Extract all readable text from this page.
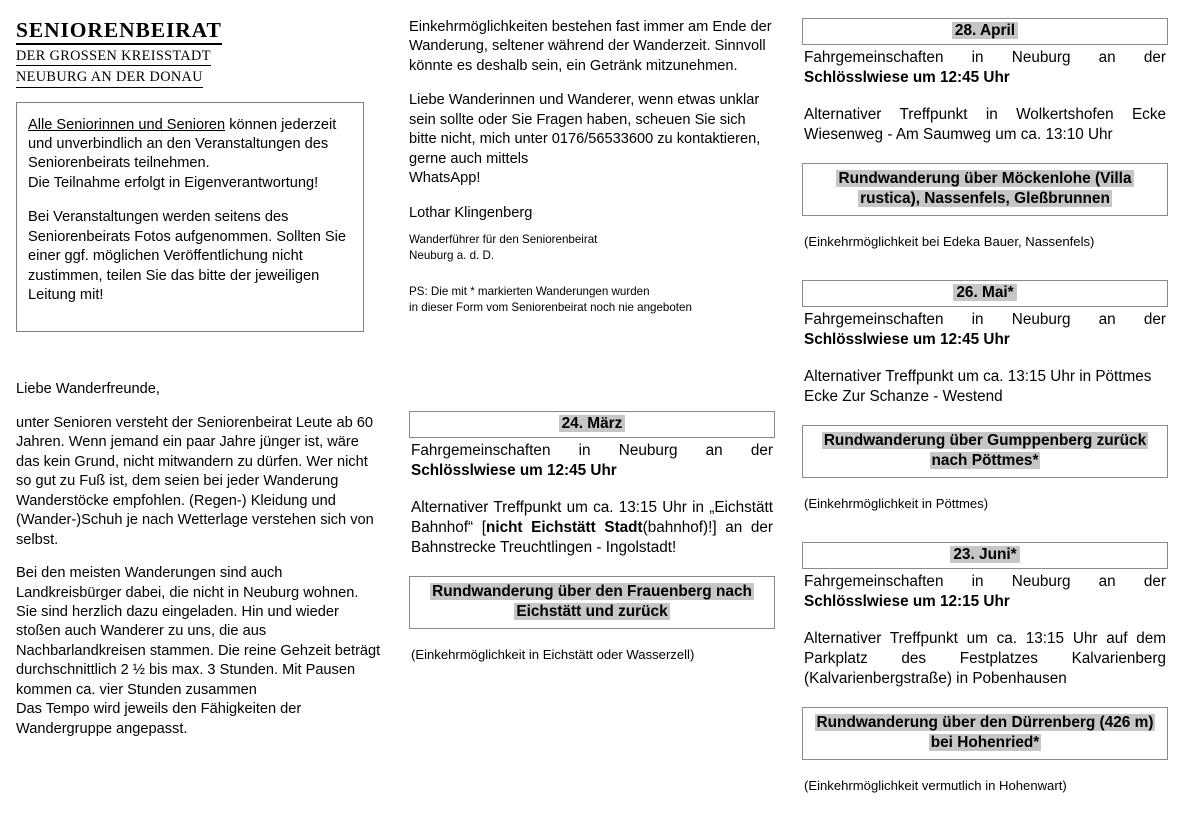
SENIORENBEIRAT
DER GROSSEN KREISSTADT
NEUBURG AN DER DONAU

Alle Seniorinnen und Senioren können jederzeit und unverbindlich an den Veranstaltungen des Seniorenbeirats teilnehmen.
Die Teilnahme erfolgt in Eigenverantwortung!

Bei Veranstaltungen werden seitens des Seniorenbeirats Fotos aufgenommen. Sollten Sie einer ggf. möglichen Veröffentlichung nicht zustimmen, teilen Sie das bitte der jeweiligen
Leitung mit!

Liebe Wanderfreunde,

unter Senioren versteht der Seniorenbeirat Leute ab 60 Jahren. Wenn jemand ein paar Jahre jünger ist, wäre das kein Grund, nicht mitwandern zu dürfen. Wer nicht so gut zu Fuß ist, dem seien bei jeder Wanderung Wanderstöcke empfohlen. (Regen-) Kleidung und (Wander-)Schuh je nach Wetterlage verstehen sich von selbst.

Bei den meisten Wanderungen sind auch Landkreisbürger dabei, die nicht in Neuburg wohnen. Sie sind herzlich dazu eingeladen. Hin und wieder stoßen auch Wanderer zu uns, die aus Nachbarlandkreisen stammen. Die reine Gehzeit beträgt durchschnittlich 2 ½ bis max. 3 Stunden. Mit Pausen kommen ca. vier Stunden zusammen
Das Tempo wird jeweils den Fähigkeiten der Wandergruppe angepasst.

Einkehrmöglichkeiten bestehen fast immer am Ende der Wanderung, seltener während der Wanderzeit. Sinnvoll könnte es deshalb sein, ein Getränk mitzunehmen.

Liebe Wanderinnen und Wanderer, wenn etwas unklar sein sollte oder Sie Fragen haben, scheuen Sie sich bitte nicht, mich unter 0176/56533600 zu kontaktieren, gerne auch mittels
WhatsApp!

Lothar Klingenberg

Wanderführer für den Seniorenbeirat
Neuburg a. d. D.

PS: Die mit * markierten Wanderungen wurden
in dieser Form vom Seniorenbeirat noch nie angeboten

24. März

Fahrgemeinschaften in Neuburg an der Schlösslwiese um 12:45 Uhr

Alternativer Treffpunkt um ca. 13:15 Uhr in „Eichstätt Bahnhof“ [nicht Eichstätt Stadt(bahnhof)!] an der Bahnstrecke Treuchtlingen - Ingolstadt!

Rundwanderung über den Frauenberg nach Eichstätt und zurück

(Einkehrmöglichkeit in Eichstätt oder Wasserzell)

28. April

Fahrgemeinschaften in Neuburg an der Schlösslwiese um 12:45 Uhr

Alternativer Treffpunkt in Wolkertshofen Ecke Wiesenweg - Am Saumweg um ca. 13:10 Uhr

Rundwanderung über Möckenlohe (Villa rustica), Nassenfels, Gleßbrunnen

(Einkehrmöglichkeit bei Edeka Bauer, Nassenfels)

26. Mai*

Fahrgemeinschaften in Neuburg an der Schlösslwiese um 12:45 Uhr

Alternativer Treffpunkt um ca. 13:15 Uhr in Pöttmes Ecke Zur Schanze - Westend

Rundwanderung über Gumppenberg zurück nach Pöttmes*

(Einkehrmöglichkeit in Pöttmes)

23. Juni*

Fahrgemeinschaften in Neuburg an der Schlösslwiese um 12:15 Uhr

Alternativer Treffpunkt um ca. 13:15 Uhr auf dem Parkplatz des Festplatzes Kalvarienberg (Kalvarienbergstraße) in Pobenhausen

Rundwanderung über den Dürrenberg (426 m) bei Hohenried*

(Einkehrmöglichkeit vermutlich in Hohenwart)
